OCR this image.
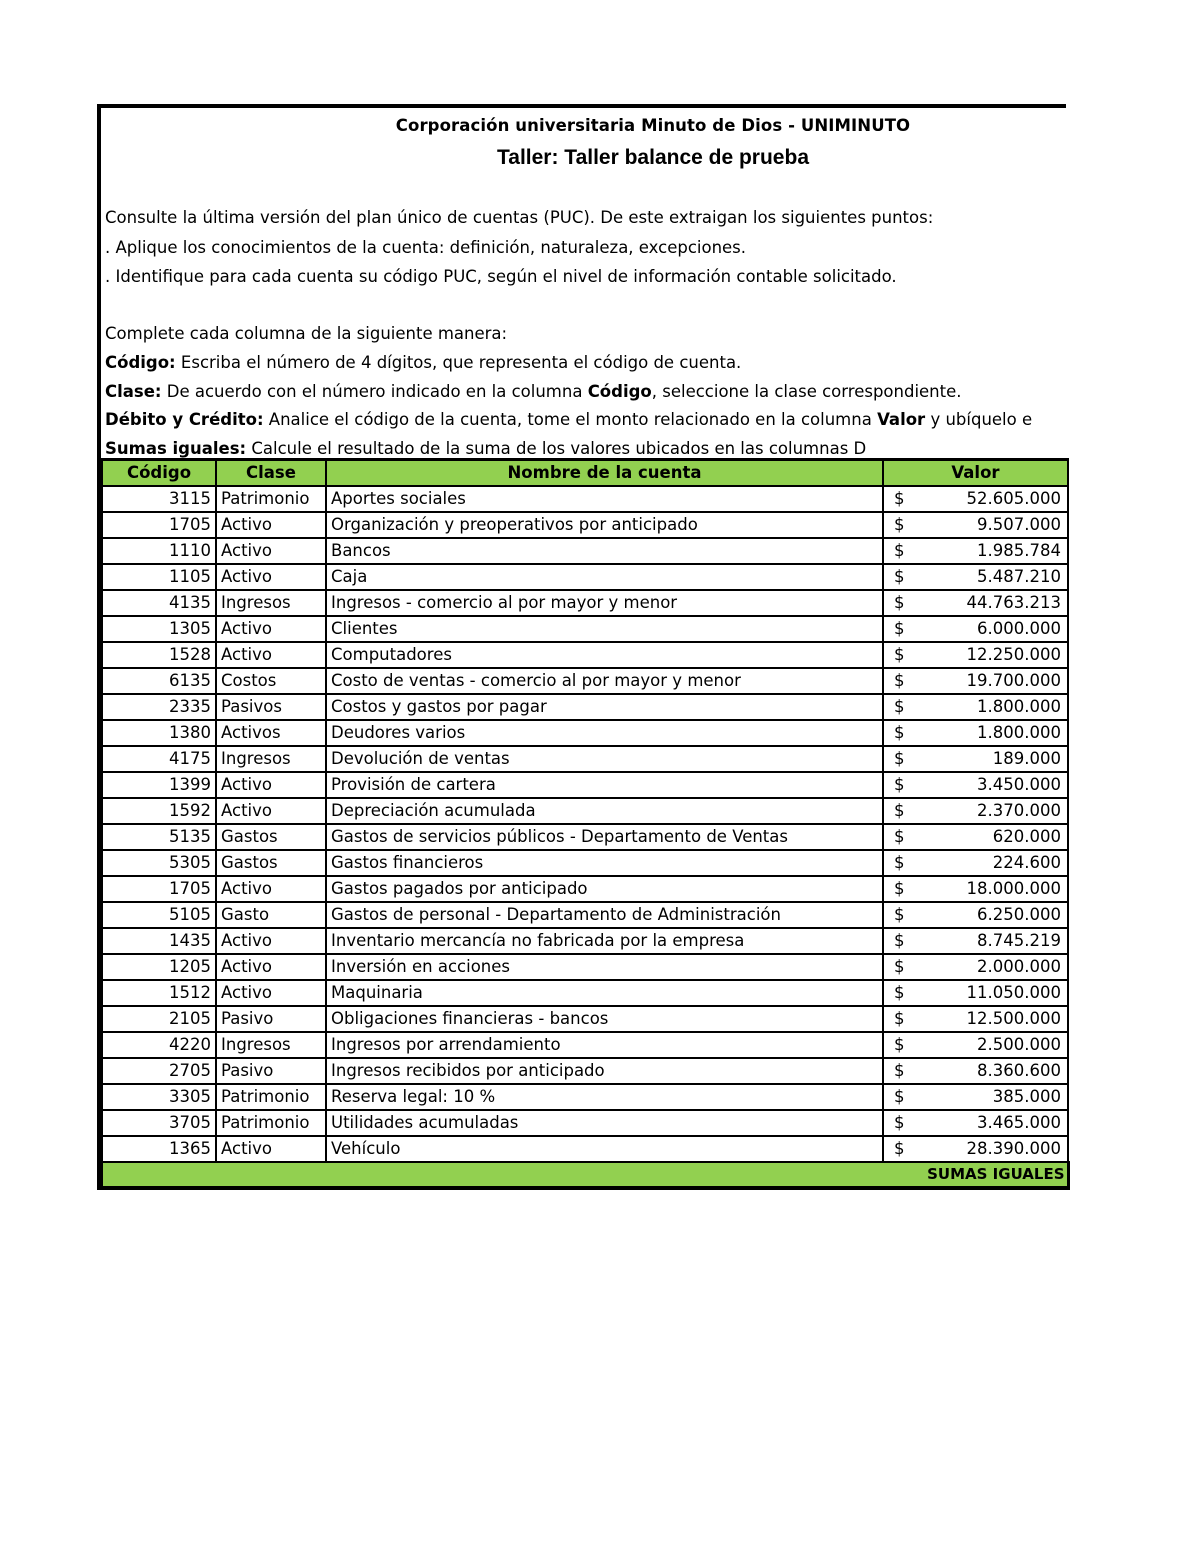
Corporación universitaria Minuto de Dios - UNIMINUTO
Taller: Taller balance de prueba
Consulte la última versión del plan único de cuentas (PUC). De este extraigan los siguientes puntos:
. Aplique los conocimientos de la cuenta: definición, naturaleza, excepciones.
. Identifique para cada cuenta su código PUC, según el nivel de información contable solicitado.
Complete cada columna de la siguiente manera:
Código: Escriba el número de 4 dígitos, que representa el código de cuenta.
Clase: De acuerdo con el número indicado en la columna Código, seleccione la clase correspondiente.
Débito y Crédito: Analice el código de la cuenta, tome el monto relacionado en la columna Valor y ubíquelo e
Sumas iguales: Calcule el resultado de la suma de los valores ubicados en las columnas D
Código	Clase	Nombre de la cuenta	Valor
3115	Patrimonio	Aportes sociales	$ 52.605.000

1705	Activo	Organización y preoperativos por anticipado	$ 9.507.000

1110	Activo	Bancos	$ 1.985.784

1105	Activo	Caja	$ 5.487.210

4135	Ingresos	Ingresos - comercio al por mayor y menor	$ 44.763.213

1305	Activo	Clientes	$ 6.000.000

1528	Activo	Computadores	$ 12.250.000

6135	Costos	Costo de ventas - comercio al por mayor y menor	$ 19.700.000

2335	Pasivos	Costos y gastos por pagar	$ 1.800.000

1380	Activos	Deudores varios	$ 1.800.000

4175	Ingresos	Devolución de ventas	$ 189.000

1399	Activo	Provisión de cartera	$ 3.450.000

1592	Activo	Depreciación acumulada	$ 2.370.000

5135	Gastos	Gastos de servicios públicos - Departamento de Ventas	$ 620.000

5305	Gastos	Gastos financieros	$ 224.600

1705	Activo	Gastos pagados por anticipado	$ 18.000.000

5105	Gasto	Gastos de personal - Departamento de Administración	$ 6.250.000

1435	Activo	Inventario mercancía no fabricada por la empresa	$ 8.745.219

1205	Activo	Inversión en acciones	$ 2.000.000

1512	Activo	Maquinaria	$ 11.050.000

2105	Pasivo	Obligaciones financieras - bancos	$ 12.500.000

4220	Ingresos	Ingresos por arrendamiento	$ 2.500.000

2705	Pasivo	Ingresos recibidos por anticipado	$ 8.360.600

3305	Patrimonio	Reserva legal: 10 %	$ 385.000

3705	Patrimonio	Utilidades acumuladas	$ 3.465.000

1365	Activo	Vehículo	$ 28.390.000

SUMAS IGUALES			
